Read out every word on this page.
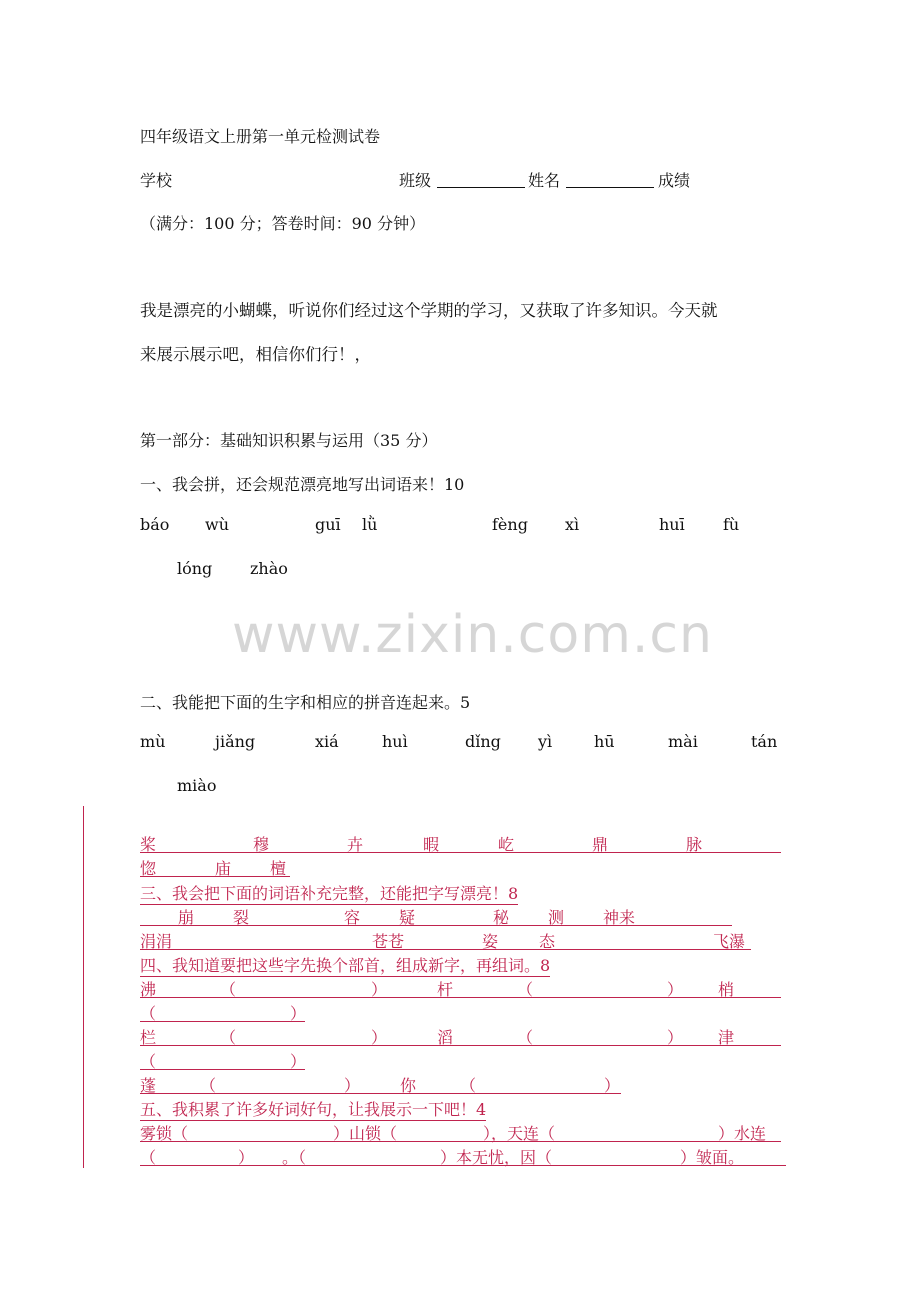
四年级语文上册第一单元检测试卷
学校	班级	姓名	成绩
（满分：100 分；答卷时间：90 分钟）
我是漂亮的小蝴蝶，听说你们经过这个学期的学习，又获取了许多知识。今天就
来展示展示吧，相信你们行！，
第一部分：基础知识积累与运用（35 分）
一、我会拼，还会规范漂亮地写出词语来！10
báo wù	guī lǜ	fèng xì	huī fù
lóng zhào
www.zixin.com.cn
二、我能把下面的生字和相应的拼音连起来。5
mù	jiǎng	xiá	huì	dǐng yì	hū	mài	tán
miào
桨	穆	卉	暇	屹	鼎	脉
惚	庙 檀
三、我会把下面的词语补充完整，还能把字写漂亮！8
崩 裂	容 疑	秘 测 神来
涓涓	苍苍	姿	态	飞瀑
四、我知道要把这些字先换个部首，组成新字，再组词。8
沸	（	）	杆	（	） 梢
（	）
栏	（	）	滔	（	） 津
（	）
蓬	（	） 你	（	）
五、我积累了许多好词好句，让我展示一下吧！4
雾锁（	）山锁（	），天连（	）水连
（	） 。（	）本无忧，因（	）皱面。
